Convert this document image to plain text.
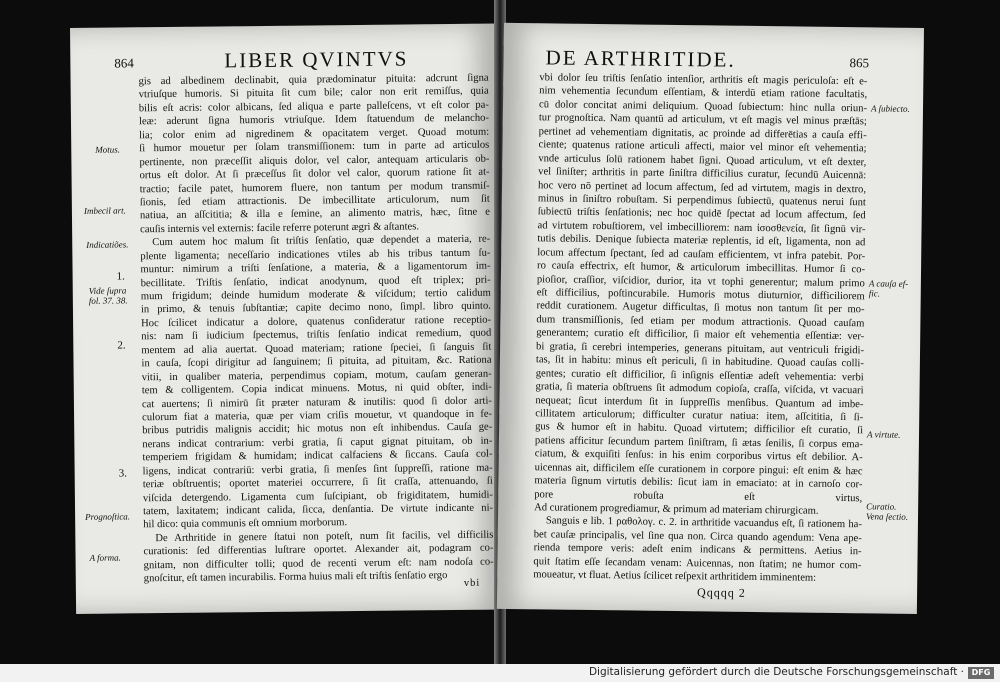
864	LIBER QVINTVS
gis ad albedinem declinabit, quia prædominatur pituita: adcrunt ſigna
vtriuſque humoris. Si pituita ſit cum bile; calor non erit remiſſus, quia
bilis eſt acris: color albicans, ſed aliqua e parte palleſcens, vt eſt color pa-
leæ: aderunt ſigna humoris vtriuſque. Idem ſtatuendum de melancho-
lia; color enim ad nigredinem & opacitatem verget. Quoad motum:
ſi humor mouetur per ſolam transmiſſionem: tum in parte ad articulos
pertinente, non præceſſit aliquis dolor, vel calor, antequam articularis ob-
ortus eſt dolor. At ſi præceſſus ſit dolor vel calor, quorum ratione ſit at-
tractio; facile patet, humorem fluere, non tantum per modum transmiſ-
ſionis, ſed etiam attractionis. De imbecillitate articulorum, num ſit
natiua, an aſſcititia; & illa e ſemine, an alimento matris, hæc, ſitne e
cauſis internis vel externis: facile referre poterunt ægri & aſtantes.
Cum autem hoc malum ſit triſtis ſenſatio, quæ dependet a materia, re-
plente ligamenta; neceſſario indicationes vtiles ab his tribus tantum ſu-
muntur: nimirum a triſti ſenſatione, a materia, & a ligamentorum im-
becillitate. Triſtis ſenſatio, indicat anodynum, quod eſt triplex; pri-
mum frigidum; deinde humidum moderate & viſcidum; tertio calidum
in primo, & tenuis ſubſtantiæ; capite decimo nono, ſimpl. libro quinto.
Hoc ſcilicet indicatur a dolore, quatenus conſideratur ratione receptio-
nis: nam ſi iudicium ſpectemus, triſtis ſenſatio indicat remedium, quod
mentem ad alia auertat. Quoad materiam; ratione ſpeciei, ſi ſanguis ſit
in cauſa, ſcopi dirigitur ad ſanguinem; ſi pituita, ad pituitam, &c. Rationa
vitii, in qualiber materia, perpendimus copiam, motum, cauſam generan-
tem & colligentem. Copia indicat minuens. Motus, ni quid obſter, indi-
cat auertens; ſi nimirū ſit præter naturam & inutilis: quod ſi dolor arti-
culorum fiat a materia, quæ per viam criſis mouetur, vt quandoque in fe-
bribus putridis malignis accidit; hic motus non eſt inhibendus. Cauſa ge-
nerans indicat contrarium: verbi gratia, ſi caput gignat pituitam, ob in-
temperiem frigidam & humidam; indicat calfaciens & ſiccans. Cauſa col-
ligens, indicat contrariū: verbi gratia, ſi menſes ſint ſuppreſſi, ratione ma-
teriæ obſtruentis; oportet materiei occurrere, ſi ſit craſſa, attenuando, ſi
viſcida detergendo. Ligamenta cum ſuſcipiant, ob frigiditatem, humidi-
tatem, laxitatem; indicant calida, ſicca, denſantia. De virtute indicante ni-
hil dico: quia communis eſt omnium morborum.
De Arthritide in genere ſtatui non poteſt, num ſit facilis, vel difficilis
curationis: ſed differentias luſtrare oportet. Alexander ait, podagram co-
gnitam, non difficulter tolli; quod de recenti verum eſt: nam nodoſa co-
gnoſcitur, eſt tamen incurabilis. Forma huius mali eſt triſtis ſenſatio ergo
Motus.
Imbecil art.
Indicatiões.
1.
Vide ſupra
fol. 37. 38.
2.
3.
Prognoſtica.
A forma.
vbi
DE ARTHRITIDE.	865
vbi dolor ſeu triſtis ſenſatio intenſior, arthritis eſt magis periculoſa: eſt e-
nim vehementia ſecundum eſſentiam, & interdū etiam ratione facultatis,
cū dolor concitat animi deliquium. Quoad ſubiectum: hinc nulla oriun-
tur prognoſtica. Nam quantū ad articulum, vt eſt magis vel minus præſtās;
pertinet ad vehementiam dignitatis, ac proinde ad differētias a cauſa effi-
ciente; quatenus ratione articuli affecti, maior vel minor eſt vehementia;
vnde articulus ſolū rationem habet ſigni. Quoad articulum, vt eſt dexter,
vel ſiniſter; arthritis in parte ſiniſtra difficilius curatur, ſecundū Auicennā:
hoc vero nō pertinet ad locum affectum, ſed ad virtutem, magis in dextro,
minus in ſiniſtro robuſtam. Si perpendimus ſubiectū, quatenus nerui ſunt
ſubiectū triſtis ſenſationis; nec hoc quidē ſpectat ad locum affectum, ſed
ad virtutem robuſtiorem, vel imbecilliorem: nam ἰσοσθενεία, ſit ſignū vir-
tutis debilis. Denique ſubiecta materiæ replentis, id eſt, ligamenta, non ad
locum affectum ſpectant, ſed ad cauſam efficientem, vt infra patebit. Por-
ro cauſa effectrix, eſt humor, & articulorum imbecillitas. Humor ſi co-
pioſior, craſſior, viſcidior, durior, ita vt tophi generentur; malum primo
eſt difficilius, poſtincurabile. Humoris motus diuturnior, difficiliorem
reddit curationem. Augetur difficultas, ſi motus non tantum ſit per mo-
dum transmiſſionis, ſed etiam per modum attractionis. Quoad cauſam
generantem; curatio eſt difficilior, ſi maior eſt vehementia eſſentiæ: ver-
bi gratia, ſi cerebri intemperies, generans pituitam, aut ventriculi frigidi-
tas, ſit in habitu: minus eſt periculi, ſi in habitudine. Quoad cauſas colli-
gentes; curatio eſt difficilior, ſi inſignis eſſentiæ adeſt vehementia: verbi
gratia, ſi materia obſtruens ſit admodum copioſa, craſſa, viſcida, vt vacuari
nequeat; ſicut interdum ſit in ſuppreſſis menſibus. Quantum ad imbe-
cillitatem articulorum; difficulter curatur natiua: item, aſſcititia, ſi ſi-
gus & humor eſt in habitu. Quoad virtutem; difficilior eſt curatio, ſi
patiens afficitur ſecundum partem ſiniſtram, ſi ætas ſenilis, ſi corpus ema-
ciatum, & exquiſiti ſenſus: in his enim corporibus virtus eſt debilior. A-
uicennas ait, difficilem eſſe curationem in corpore pingui: eſt enim & hæc
materia ſignum virtutis debilis: ſicut iam in emaciato: at in carnoſo cor-
pore robuſta eſt virtus,
Ad curationem progrediamur, & primum ad materiam chirurgicam.
Sanguis e lib. 1 ραθολογ. c. 2. in arthritide vacuandus eſt, ſi rationem ha-
bet cauſæ principalis, vel ſine qua non. Circa quando agendum: Vena ape-
rienda tempore veris: adeſt enim indicans & permittens. Aetius in-
quit ſtatim eſſe ſecandam venam: Auicennas, non ſtatim; ne humor com-
moueatur, vt fluat. Aetius ſcilicet reſpexit arthritidem imminentem:
A ſubiecto.
A cauſa ef-
fic.
A virtute.
Curatio.
Vena ſectio.
Qqqqq 2
Digitalisierung gefördert durch die Deutsche Forschungsgemeinschaft · DFG
